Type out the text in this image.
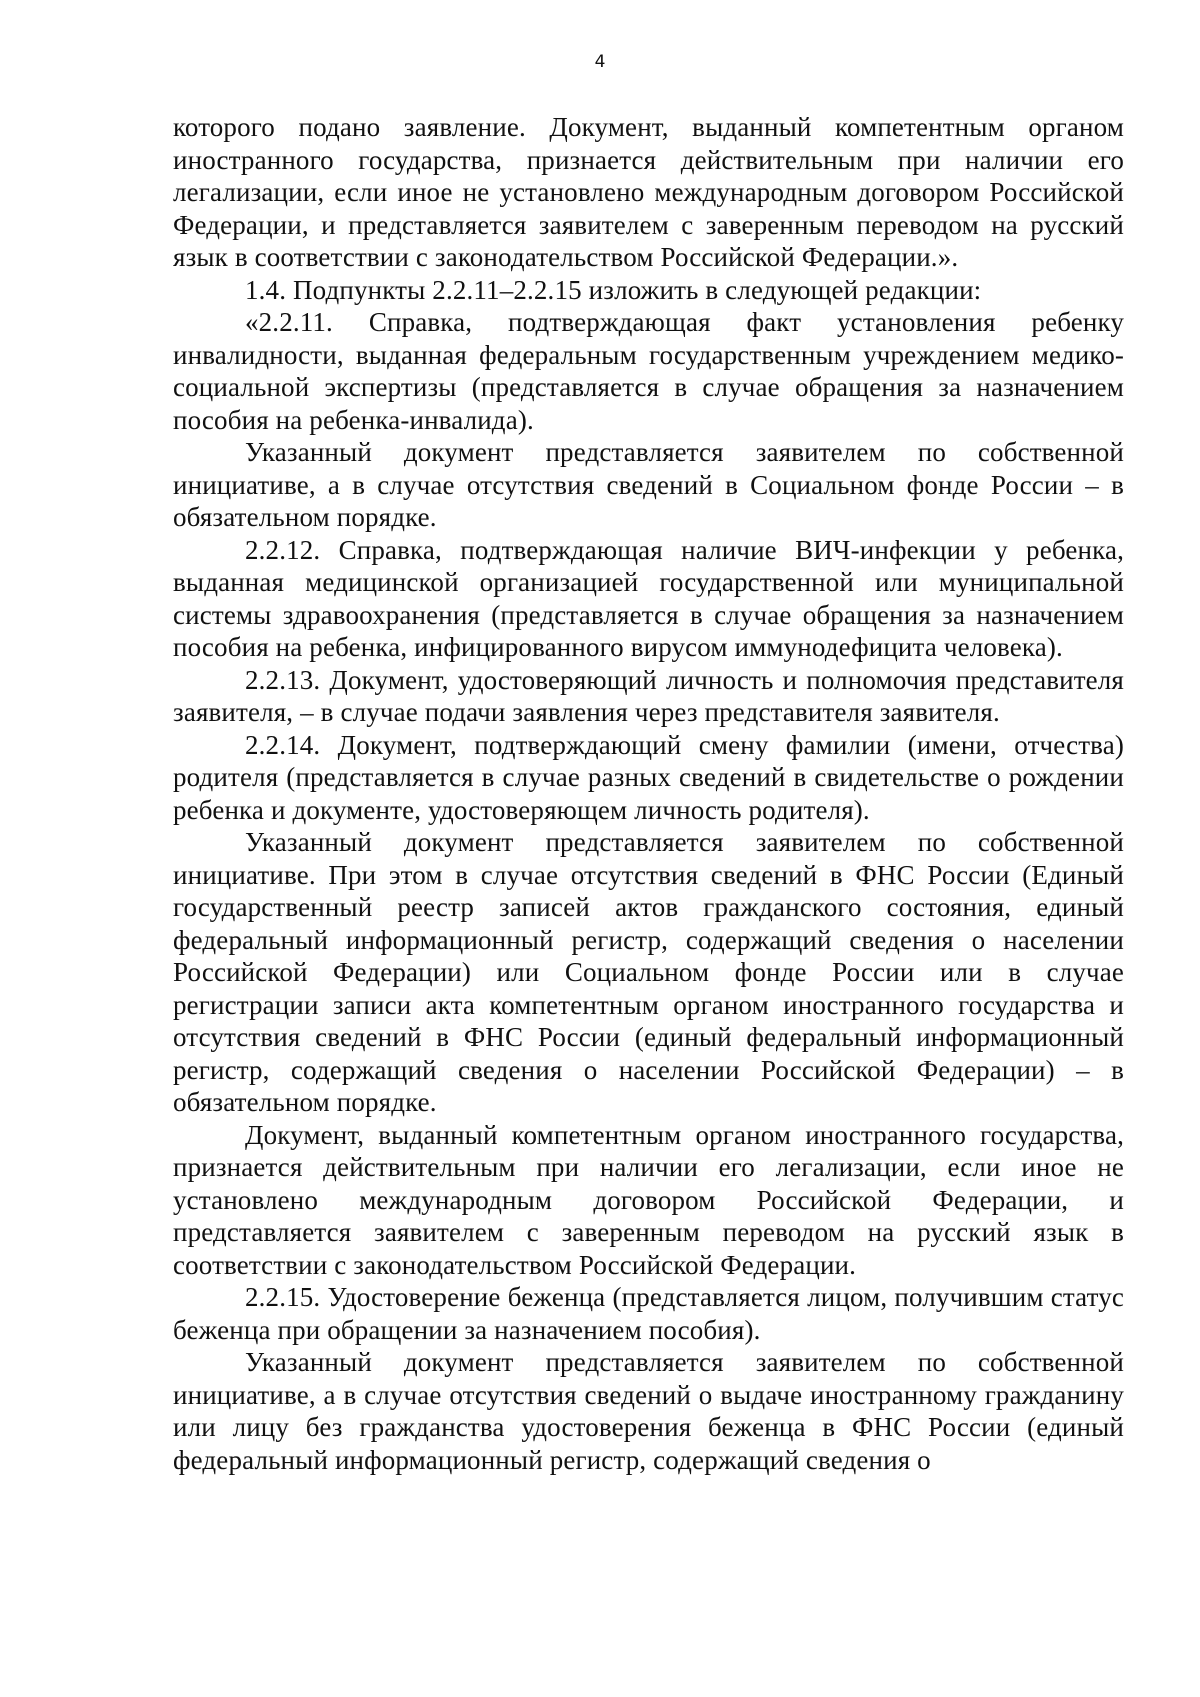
4

которого подано заявление. Документ, выданный компетентным органом иностранного государства, признается действительным при наличии его легализации, если иное не установлено международным договором Российской Федерации, и представляется заявителем с заверенным переводом на русский язык в соответствии с законодательством Российской Федерации.».

1.4. Подпункты 2.2.11–2.2.15 изложить в следующей редакции:

«2.2.11. Справка, подтверждающая факт установления ребенку инвалидности, выданная федеральным государственным учреждением медико-социальной экспертизы (представляется в случае обращения за назначением пособия на ребенка-инвалида).

Указанный документ представляется заявителем по собственной инициативе, а в случае отсутствия сведений в Социальном фонде России – в обязательном порядке.

2.2.12. Справка, подтверждающая наличие ВИЧ-инфекции у ребенка, выданная медицинской организацией государственной или муниципальной системы здравоохранения (представляется в случае обращения за назначением пособия на ребенка, инфицированного вирусом иммунодефицита человека).

2.2.13. Документ, удостоверяющий личность и полномочия представителя заявителя, – в случае подачи заявления через представителя заявителя.

2.2.14. Документ, подтверждающий смену фамилии (имени, отчества) родителя (представляется в случае разных сведений в свидетельстве о рождении ребенка и документе, удостоверяющем личность родителя).

Указанный документ представляется заявителем по собственной инициативе. При этом в случае отсутствия сведений в ФНС России (Единый государственный реестр записей актов гражданского состояния, единый федеральный информационный регистр, содержащий сведения о населении Российской Федерации) или Социальном фонде России или в случае регистрации записи акта компетентным органом иностранного государства и отсутствия сведений в ФНС России (единый федеральный информационный регистр, содержащий сведения о населении Российской Федерации) – в обязательном порядке.

Документ, выданный компетентным органом иностранного государства, признается действительным при наличии его легализации, если иное не установлено международным договором Российской Федерации, и представляется заявителем с заверенным переводом на русский язык в соответствии с законодательством Российской Федерации.

2.2.15. Удостоверение беженца (представляется лицом, получившим статус беженца при обращении за назначением пособия).

Указанный документ представляется заявителем по собственной инициативе, а в случае отсутствия сведений о выдаче иностранному гражданину или лицу без гражданства удостоверения беженца в ФНС России (единый федеральный информационный регистр, содержащий сведения о
